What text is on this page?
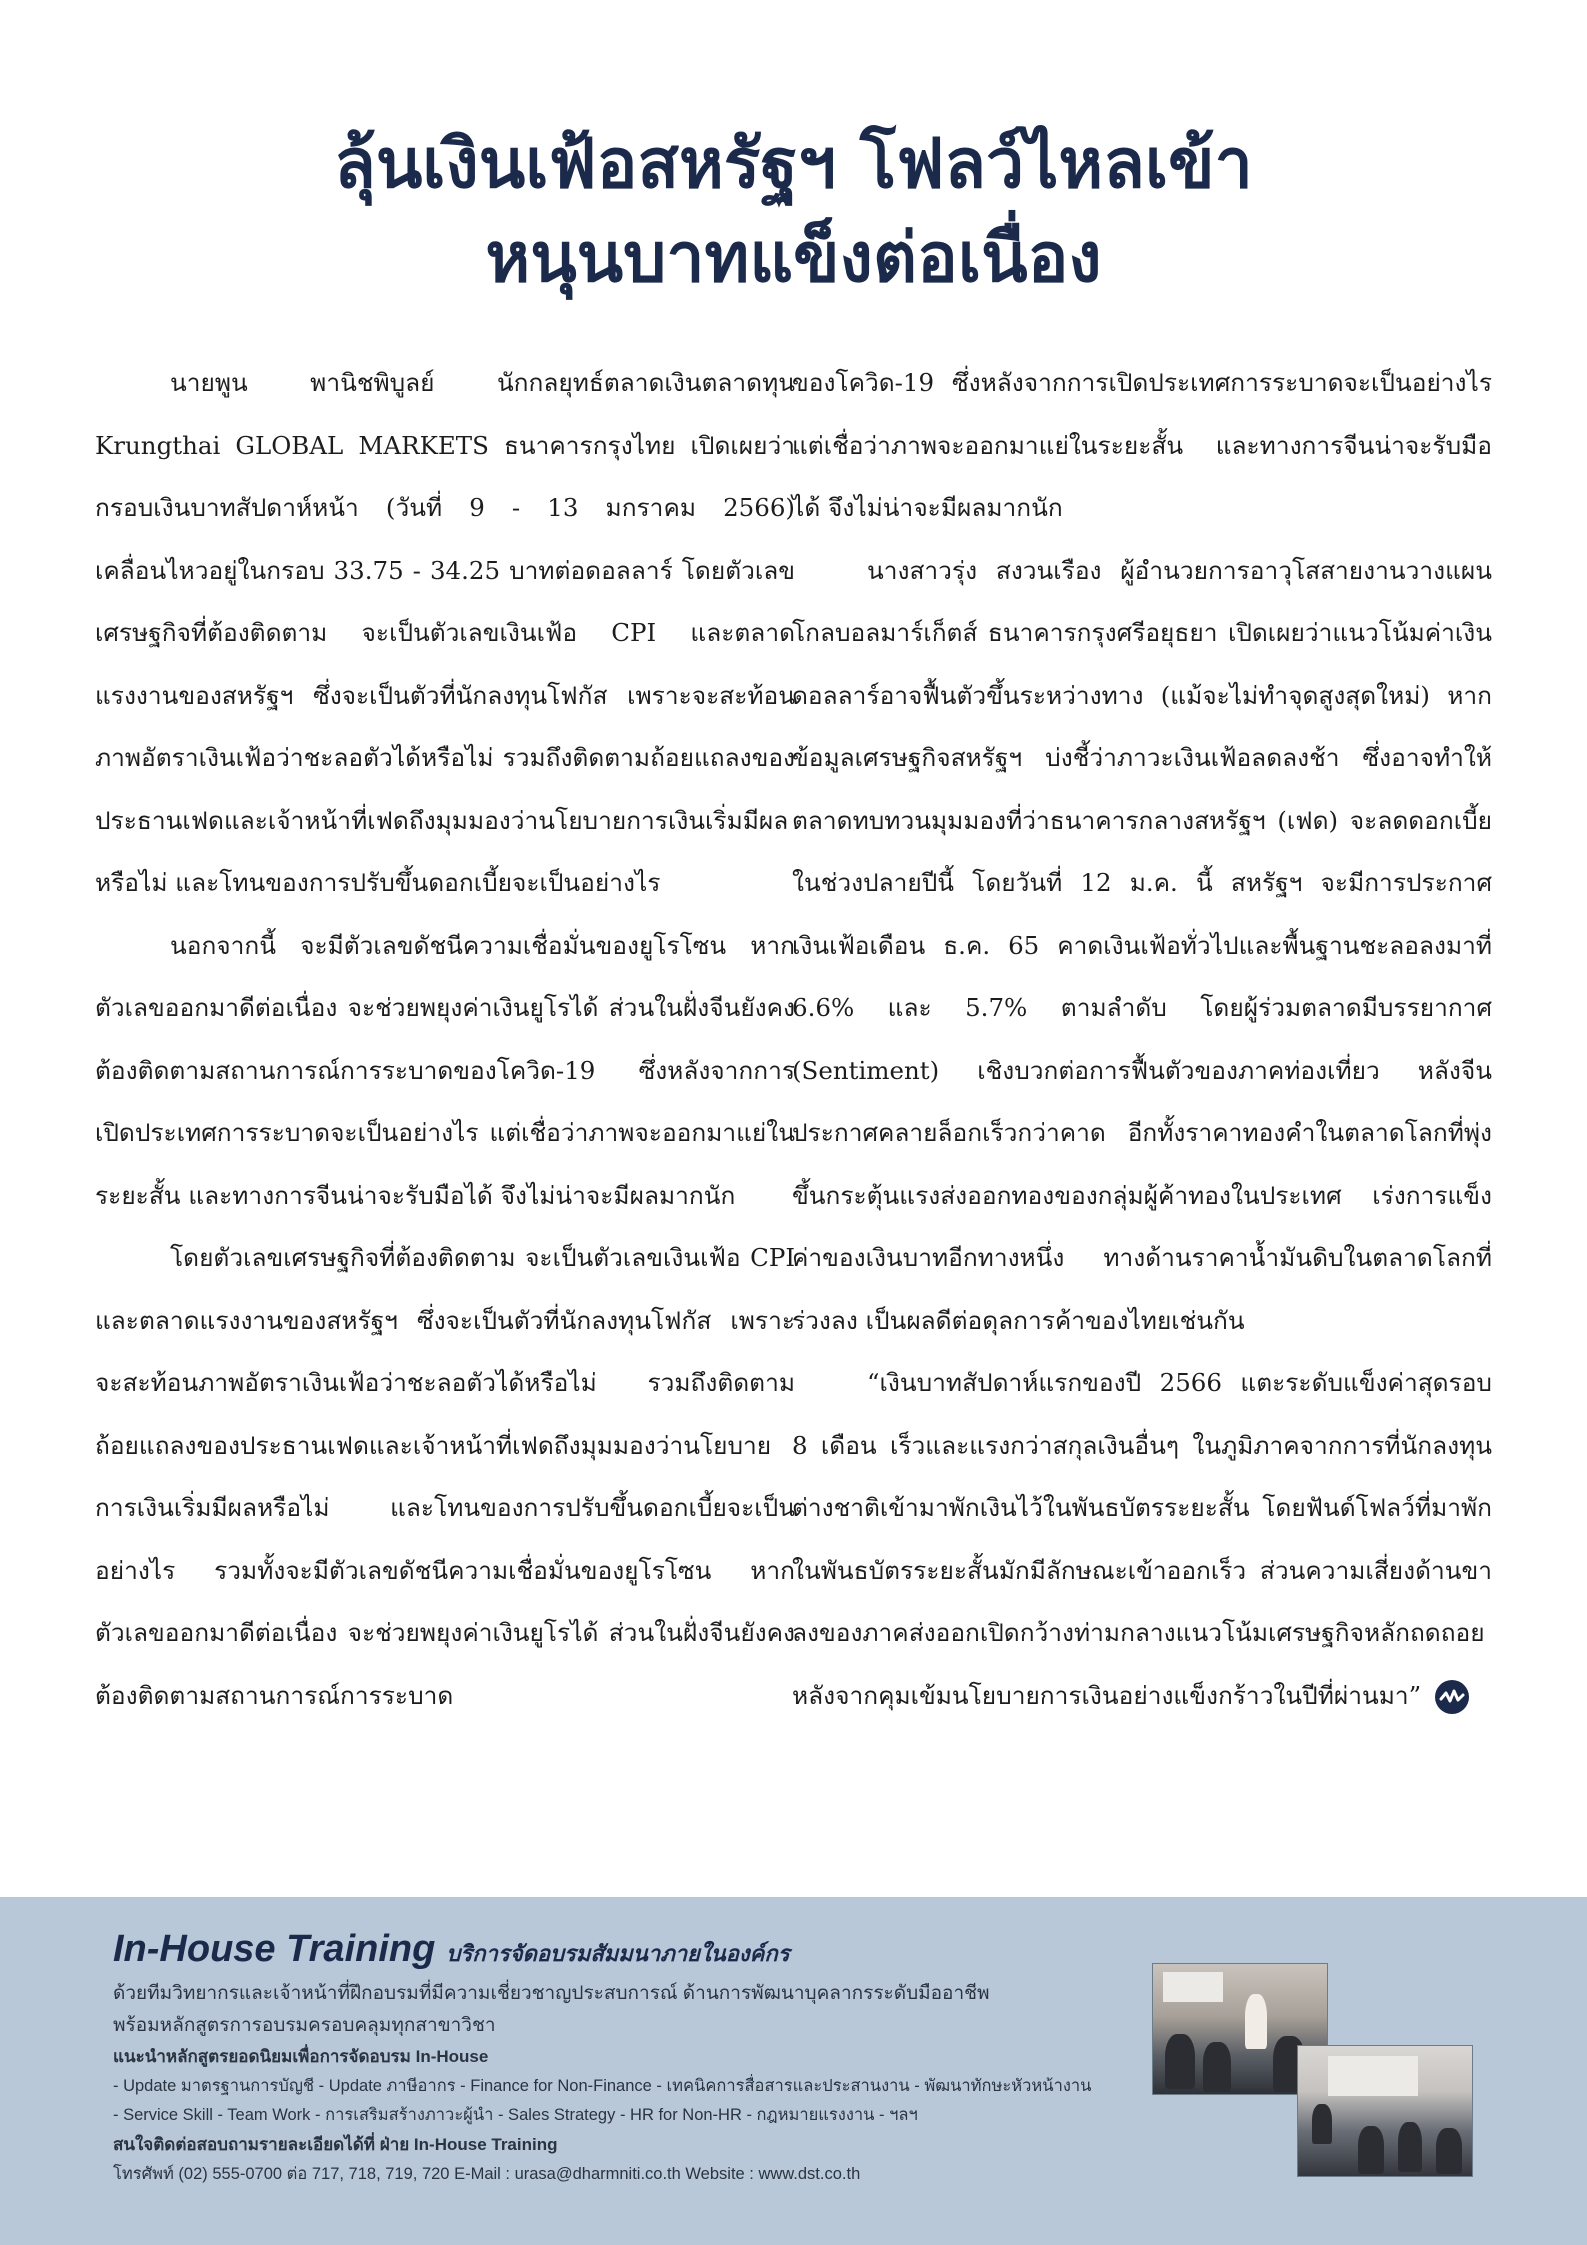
ลุ้นเงินเฟ้อสหรัฐฯ โฟลว์ไหลเข้า
หนุนบาทแข็งต่อเนื่อง

นายพูน พานิชพิบูลย์ นักกลยุทธ์ตลาดเงินตลาดทุน Krungthai GLOBAL MARKETS ธนาคารกรุงไทย เปิดเผยว่า กรอบเงินบาทสัปดาห์หน้า (วันที่ 9 - 13 มกราคม 2566) เคลื่อนไหวอยู่ในกรอบ 33.75 - 34.25 บาทต่อดอลลาร์ โดยตัวเลขเศรษฐกิจที่ต้องติดตาม จะเป็นตัวเลขเงินเฟ้อ CPI และตลาดแรงงานของสหรัฐฯ ซึ่งจะเป็นตัวที่นักลงทุนโฟกัส เพราะจะสะท้อนภาพอัตราเงินเฟ้อว่าชะลอตัวได้หรือไม่ รวมถึงติดตามถ้อยแถลงของประธานเฟดและเจ้าหน้าที่เฟดถึงมุมมองว่านโยบายการเงินเริ่มมีผลหรือไม่ และโทนของการปรับขึ้นดอกเบี้ยจะเป็นอย่างไร

นอกจากนี้ จะมีตัวเลขดัชนีความเชื่อมั่นของยูโรโซน หากตัวเลขออกมาดีต่อเนื่อง จะช่วยพยุงค่าเงินยูโรได้ ส่วนในฝั่งจีนยังคงต้องติดตามสถานการณ์การระบาดของโควิด-19 ซึ่งหลังจากการเปิดประเทศการระบาดจะเป็นอย่างไร แต่เชื่อว่าภาพจะออกมาแย่ในระยะสั้น และทางการจีนน่าจะรับมือได้ จึงไม่น่าจะมีผลมากนัก

โดยตัวเลขเศรษฐกิจที่ต้องติดตาม จะเป็นตัวเลขเงินเฟ้อ CPI และตลาดแรงงานของสหรัฐฯ ซึ่งจะเป็นตัวที่นักลงทุนโฟกัส เพราะจะสะท้อนภาพอัตราเงินเฟ้อว่าชะลอตัวได้หรือไม่ รวมถึงติดตามถ้อยแถลงของประธานเฟดและเจ้าหน้าที่เฟดถึงมุมมองว่านโยบายการเงินเริ่มมีผลหรือไม่ และโทนของการปรับขึ้นดอกเบี้ยจะเป็นอย่างไร รวมทั้งจะมีตัวเลขดัชนีความเชื่อมั่นของยูโรโซน หากตัวเลขออกมาดีต่อเนื่อง จะช่วยพยุงค่าเงินยูโรได้ ส่วนในฝั่งจีนยังคงต้องติดตามสถานการณ์การระบาด

ของโควิด-19 ซึ่งหลังจากการเปิดประเทศการระบาดจะเป็นอย่างไร แต่เชื่อว่าภาพจะออกมาแย่ในระยะสั้น และทางการจีนน่าจะรับมือได้ จึงไม่น่าจะมีผลมากนัก

นางสาวรุ่ง สงวนเรือง ผู้อำนวยการอาวุโสสายงานวางแผนโกลบอลมาร์เก็ตส์ ธนาคารกรุงศรีอยุธยา เปิดเผยว่าแนวโน้มค่าเงินดอลลาร์อาจฟื้นตัวขึ้นระหว่างทาง (แม้จะไม่ทำจุดสูงสุดใหม่) หากข้อมูลเศรษฐกิจสหรัฐฯ บ่งชี้ว่าภาวะเงินเฟ้อลดลงช้า ซึ่งอาจทำให้ตลาดทบทวนมุมมองที่ว่าธนาคารกลางสหรัฐฯ (เฟด) จะลดดอกเบี้ยในช่วงปลายปีนี้ โดยวันที่ 12 ม.ค. นี้ สหรัฐฯ จะมีการประกาศเงินเฟ้อเดือน ธ.ค. 65 คาดเงินเฟ้อทั่วไปและพื้นฐานชะลอลงมาที่ 6.6% และ 5.7% ตามลำดับ โดยผู้ร่วมตลาดมีบรรยากาศ (Sentiment) เชิงบวกต่อการฟื้นตัวของภาคท่องเที่ยว หลังจีนประกาศคลายล็อกเร็วกว่าคาด อีกทั้งราคาทองคำในตลาดโลกที่พุ่งขึ้นกระตุ้นแรงส่งออกทองของกลุ่มผู้ค้าทองในประเทศ เร่งการแข็งค่าของเงินบาทอีกทางหนึ่ง ทางด้านราคาน้ำมันดิบในตลาดโลกที่ร่วงลง เป็นผลดีต่อดุลการค้าของไทยเช่นกัน

“เงินบาทสัปดาห์แรกของปี 2566 แตะระดับแข็งค่าสุดรอบ 8 เดือน เร็วและแรงกว่าสกุลเงินอื่นๆ ในภูมิภาคจากการที่นักลงทุนต่างชาติเข้ามาพักเงินไว้ในพันธบัตรระยะสั้น โดยฟันด์โฟลว์ที่มาพักในพันธบัตรระยะสั้นมักมีลักษณะเข้าออกเร็ว ส่วนความเสี่ยงด้านขาลงของภาคส่งออกเปิดกว้างท่ามกลางแนวโน้มเศรษฐกิจหลักถดถอยหลังจากคุมเข้มนโยบายการเงินอย่างแข็งกร้าวในปีที่ผ่านมา”

In-House Training บริการจัดอบรมสัมมนาภายในองค์กร
ด้วยทีมวิทยากรและเจ้าหน้าที่ฝึกอบรมที่มีความเชี่ยวชาญประสบการณ์ ด้านการพัฒนาบุคลากรระดับมืออาชีพ
พร้อมหลักสูตรการอบรมครอบคลุมทุกสาขาวิชา
แนะนำหลักสูตรยอดนิยมเพื่อการจัดอบรม In-House
- Update มาตรฐานการบัญชี - Update ภาษีอากร - Finance for Non-Finance - เทคนิคการสื่อสารและประสานงาน - พัฒนาทักษะหัวหน้างาน
- Service Skill - Team Work - การเสริมสร้างภาวะผู้นำ - Sales Strategy - HR for Non-HR - กฎหมายแรงงาน - ฯลฯ
สนใจติดต่อสอบถามรายละเอียดได้ที่ ฝ่าย In-House Training
โทรศัพท์ (02) 555-0700 ต่อ 717, 718, 719, 720 E-Mail : urasa@dharmniti.co.th Website : www.dst.co.th
